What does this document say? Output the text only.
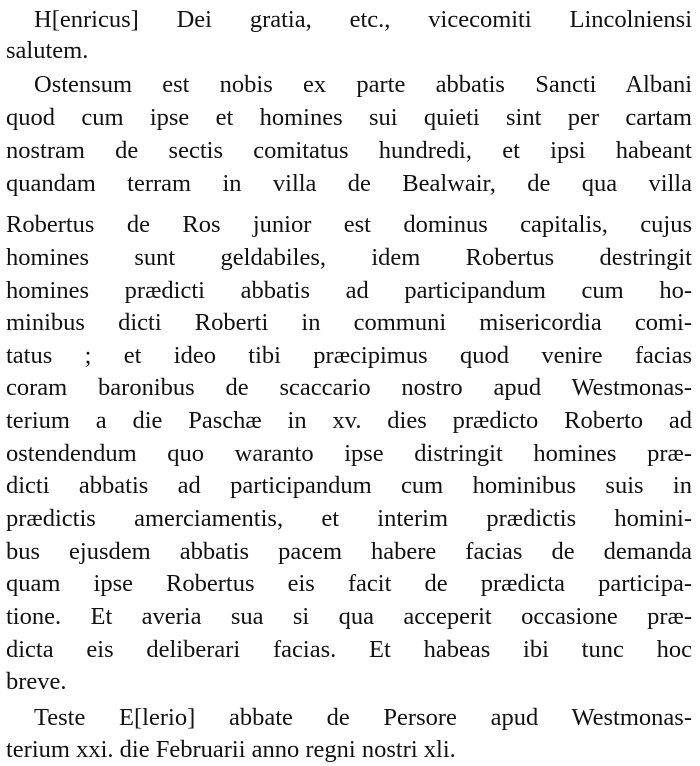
H[enricus] Dei gratia, etc., vicecomiti Lincolniensi
salutem.
Ostensum est nobis ex parte abbatis Sancti Albani
quod cum ipse et homines sui quieti sint per cartam
nostram de sectis comitatus hundredi, et ipsi habeant
quandam terram in villa de Bealwair, de qua villa
Robertus de Ros junior est dominus capitalis, cujus
homines sunt geldabiles, idem Robertus destringit
homines prædicti abbatis ad participandum cum ho-
minibus dicti Roberti in communi misericordia comi-
tatus ; et ideo tibi præcipimus quod venire facias
coram baronibus de scaccario nostro apud Westmonas-
terium a die Paschæ in xv. dies prædicto Roberto ad
ostendendum quo waranto ipse distringit homines præ-
dicti abbatis ad participandum cum hominibus suis in
prædictis amerciamentis, et interim prædictis homini-
bus ejusdem abbatis pacem habere facias de demanda
quam ipse Robertus eis facit de prædicta participa-
tione. Et averia sua si qua acceperit occasione præ-
dicta eis deliberari facias. Et habeas ibi tunc hoc
breve.
Teste E[lerio] abbate de Persore apud Westmonas-
terium xxi. die Februarii anno regni nostri xli.
